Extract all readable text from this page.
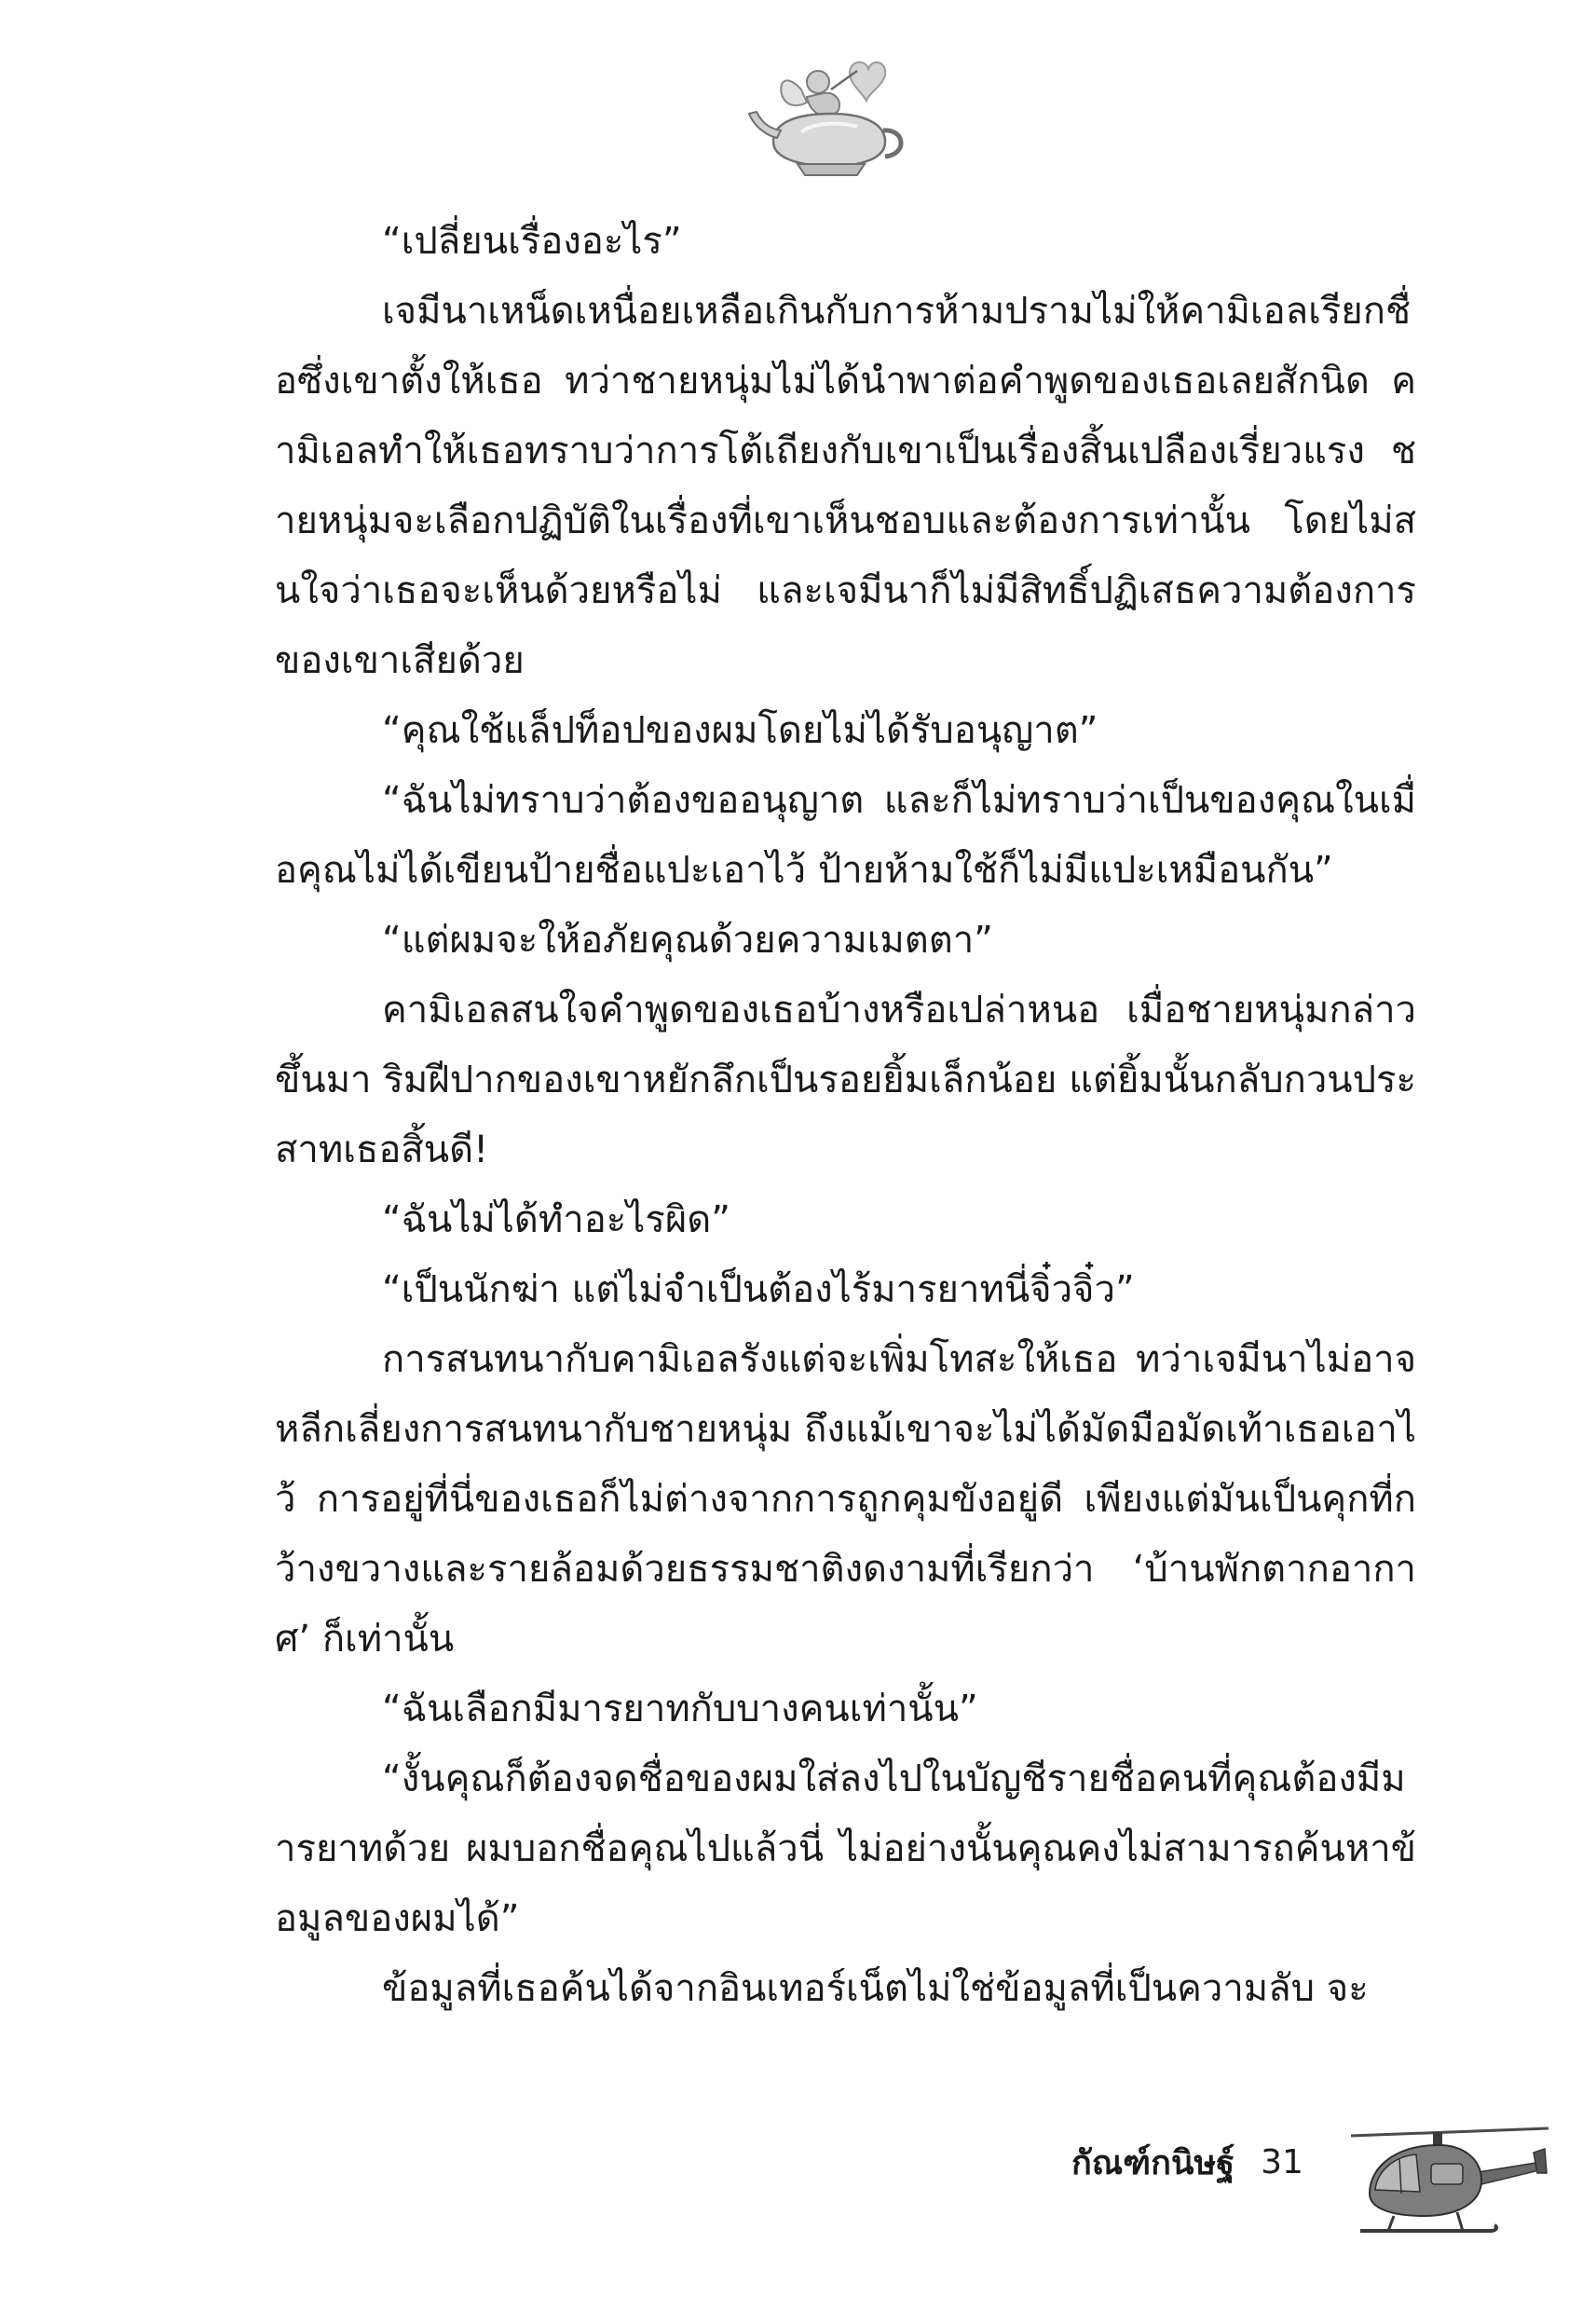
“เปลี่ยนเรื่องอะไร”

เจมีนาเหน็ดเหนื่อยเหลือเกินกับการห้ามปรามไม่ให้คามิเอลเรียกชื่อซึ่งเขาตั้งให้เธอ ทว่าชายหนุ่มไม่ได้นำพาต่อคำพูดของเธอเลยสักนิด คามิเอลทำให้เธอทราบว่าการโต้เถียงกับเขาเป็นเรื่องสิ้นเปลืองเรี่ยวแรง ชายหนุ่มจะเลือกปฏิบัติในเรื่องที่เขาเห็นชอบและต้องการเท่านั้น โดยไม่สนใจว่าเธอจะเห็นด้วยหรือไม่ และเจมีนาก็ไม่มีสิทธิ์ปฏิเสธความต้องการของเขาเสียด้วย

“คุณใช้แล็ปท็อปของผมโดยไม่ได้รับอนุญาต”

“ฉันไม่ทราบว่าต้องขออนุญาต และก็ไม่ทราบว่าเป็นของคุณในเมื่อคุณไม่ได้เขียนป้ายชื่อแปะเอาไว้ ป้ายห้ามใช้ก็ไม่มีแปะเหมือนกัน”

“แต่ผมจะให้อภัยคุณด้วยความเมตตา”

คามิเอลสนใจคำพูดของเธอบ้างหรือเปล่าหนอ เมื่อชายหนุ่มกล่าวขึ้นมา ริมฝีปากของเขาหยักลึกเป็นรอยยิ้มเล็กน้อย แต่ยิ้มนั้นกลับกวนประสาทเธอสิ้นดี!

“ฉันไม่ได้ทำอะไรผิด”

“เป็นนักฆ่า แต่ไม่จำเป็นต้องไร้มารยาทนี่จิ๋วจิ๋ว”

การสนทนากับคามิเอลรังแต่จะเพิ่มโทสะให้เธอ ทว่าเจมีนาไม่อาจหลีกเลี่ยงการสนทนากับชายหนุ่ม ถึงแม้เขาจะไม่ได้มัดมือมัดเท้าเธอเอาไว้ การอยู่ที่นี่ของเธอก็ไม่ต่างจากการถูกคุมขังอยู่ดี เพียงแต่มันเป็นคุกที่กว้างขวางและรายล้อมด้วยธรรมชาติงดงามที่เรียกว่า ‘บ้านพักตากอากาศ’ ก็เท่านั้น

“ฉันเลือกมีมารยาทกับบางคนเท่านั้น”

“งั้นคุณก็ต้องจดชื่อของผมใส่ลงไปในบัญชีรายชื่อคนที่คุณต้องมีมารยาทด้วย ผมบอกชื่อคุณไปแล้วนี่ ไม่อย่างนั้นคุณคงไม่สามารถค้นหาข้อมูลของผมได้”

ข้อมูลที่เธอค้นได้จากอินเทอร์เน็ตไม่ใช่ข้อมูลที่เป็นความลับ จะ

กัณฑ์กนิษฐ์ 31
